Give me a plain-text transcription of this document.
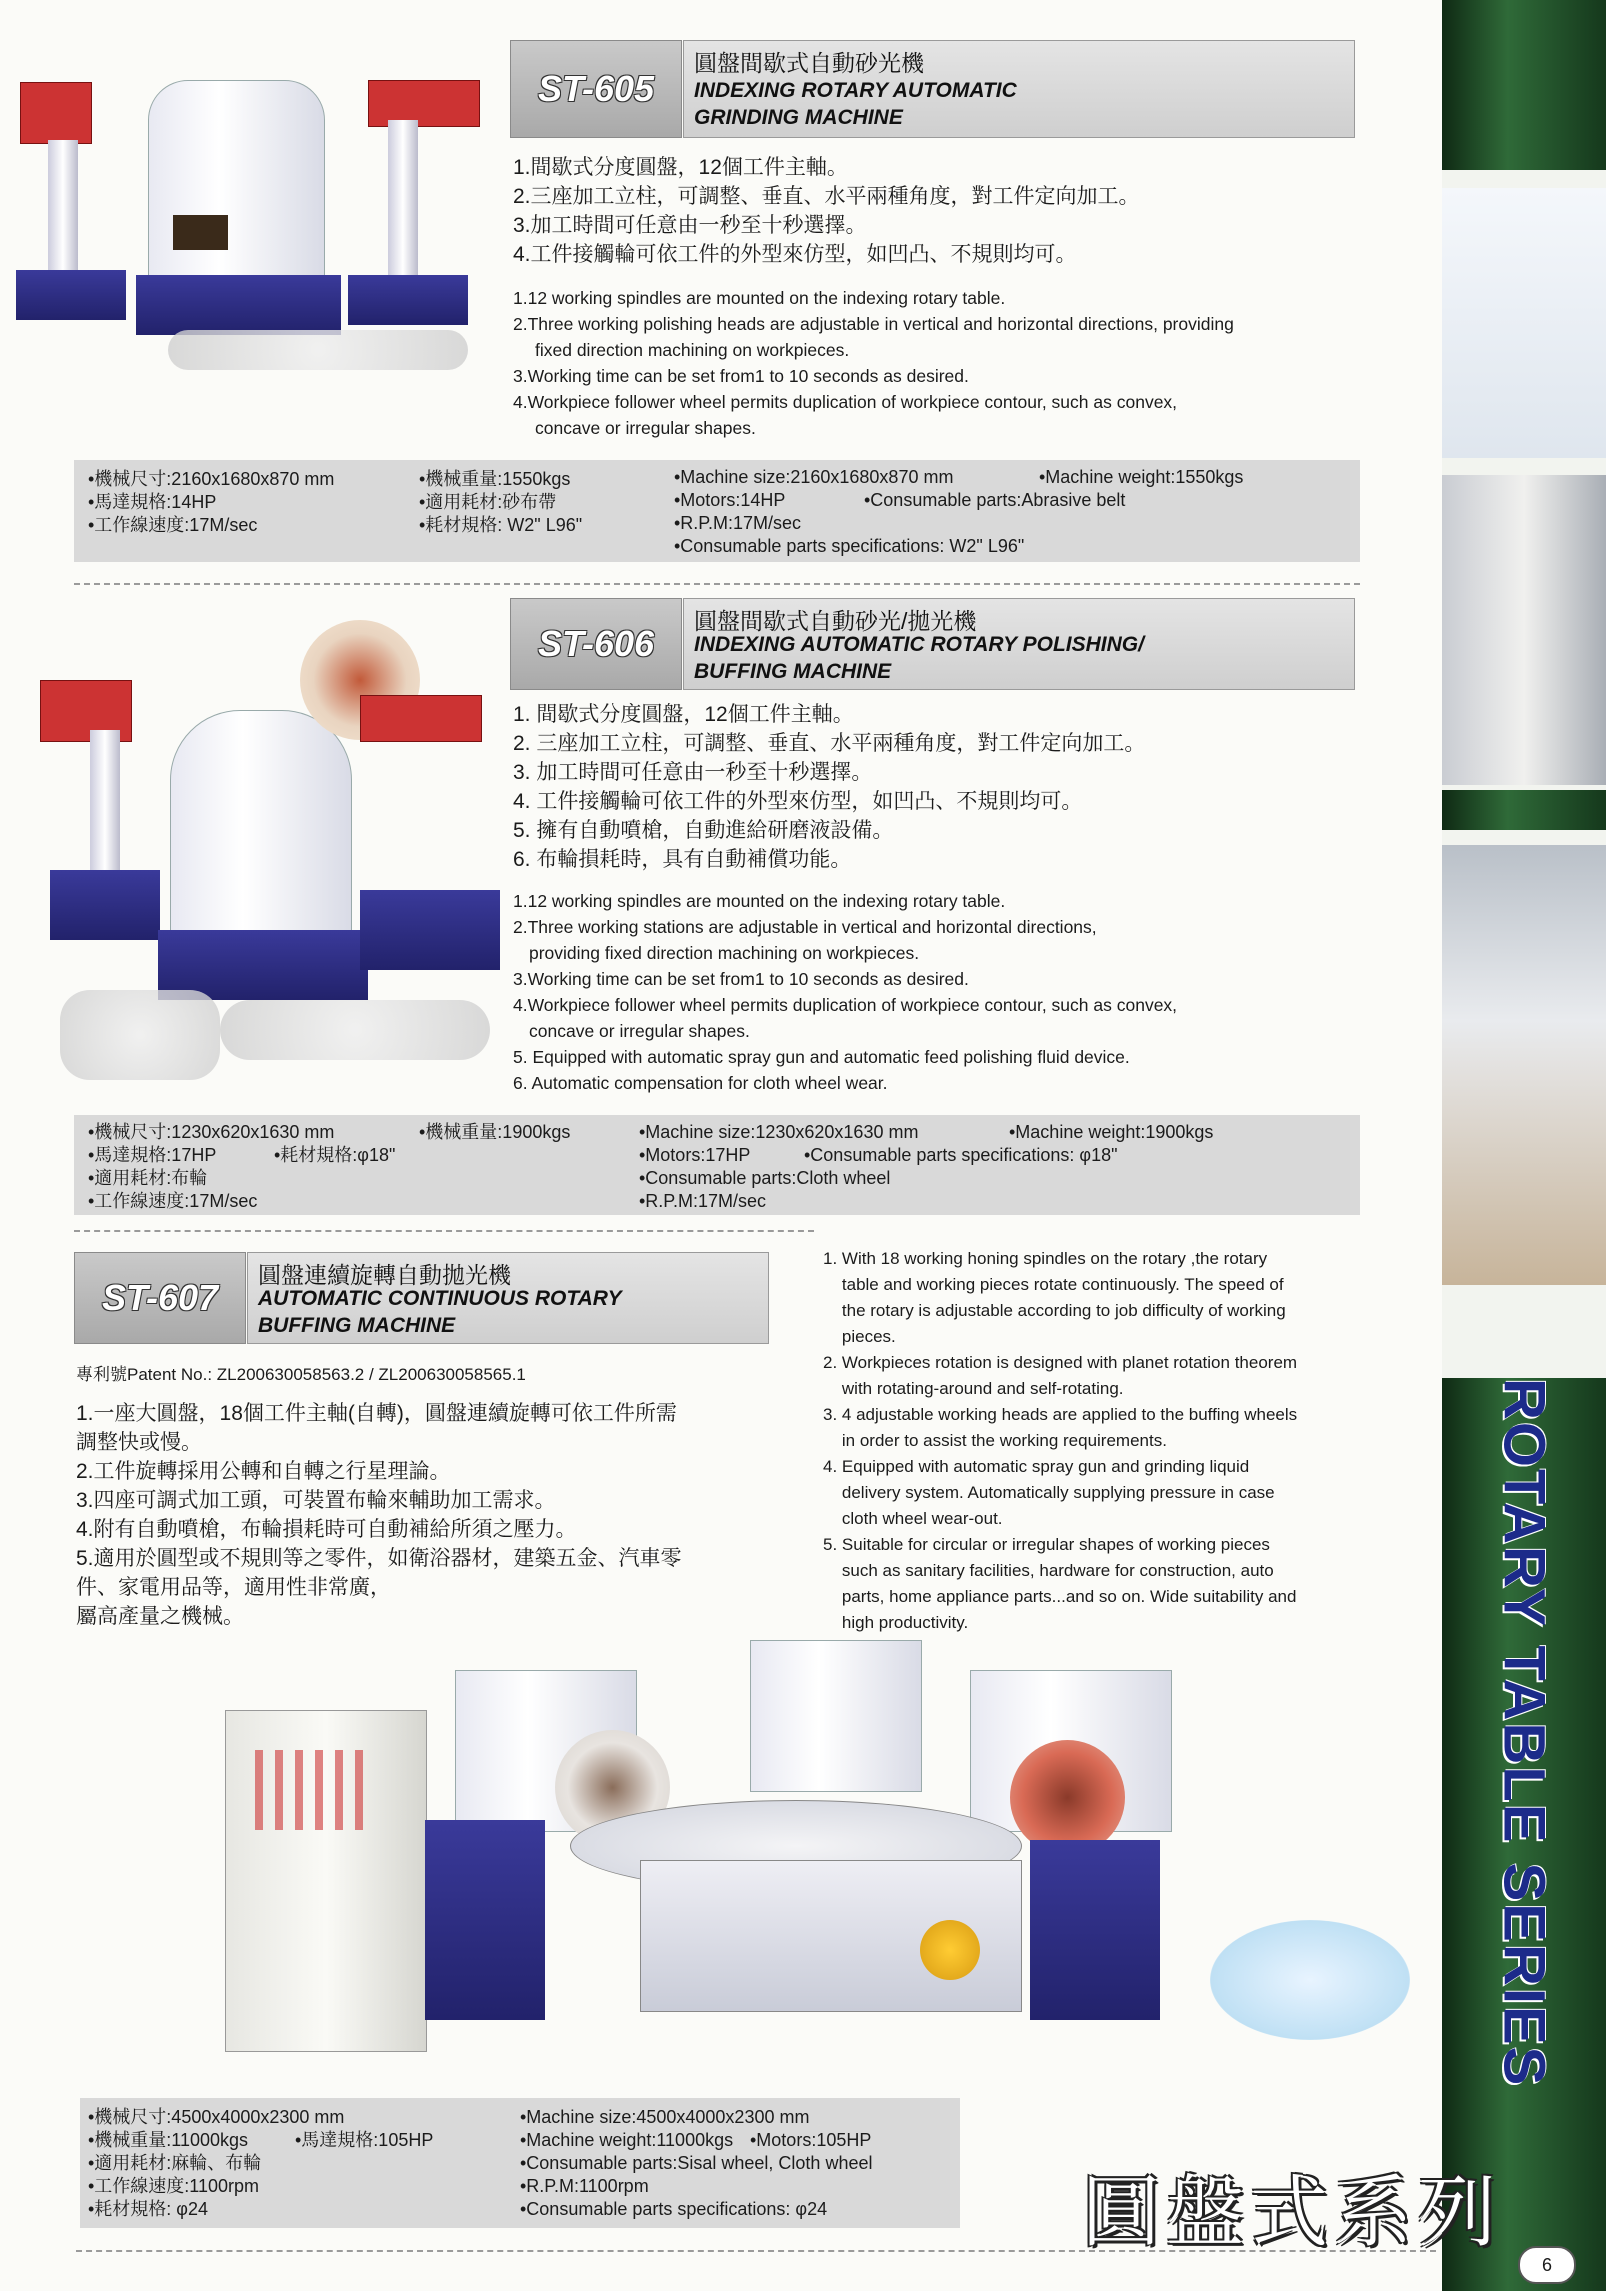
ST-605
圓盤間歇式自動砂光機
INDEXING ROTARY AUTOMATIC
GRINDING MACHINE
1.間歇式分度圓盤，12個工件主軸。
2.三座加工立柱，可調整、垂直、水平兩種角度，對工件定向加工。
3.加工時間可任意由一秒至十秒選擇。
4.工件接觸輪可依工件的外型來仿型，如凹凸、不規則均可。
1.12 working spindles are mounted on the indexing rotary table.
2.Three working polishing heads are adjustable in vertical and horizontal directions, providing
fixed direction machining on workpieces.
3.Working time can be set from1 to 10 seconds as desired.
4.Workpiece follower wheel permits duplication of workpiece contour, such as convex,
concave or irregular shapes.
•機械尺寸:2160x1680x870 mm	•機械重量:1550kgs
•馬達規格:14HP	•適用耗材:砂布帶
•工作線速度:17M/sec	•耗材規格: W2" L96"
•Machine size:2160x1680x870 mm	•Machine weight:1550kgs
•Motors:14HP	•Consumable parts:Abrasive belt
•R.P.M:17M/sec
•Consumable parts specifications: W2" L96"
ST-606
圓盤間歇式自動砂光/拋光機
INDEXING AUTOMATIC ROTARY POLISHING/
BUFFING MACHINE
1. 間歇式分度圓盤，12個工件主軸。
2. 三座加工立柱，可調整、垂直、水平兩種角度，對工件定向加工。
3. 加工時間可任意由一秒至十秒選擇。
4. 工件接觸輪可依工件的外型來仿型，如凹凸、不規則均可。
5. 擁有自動噴槍，自動進給研磨液設備。
6. 布輪損耗時，具有自動補償功能。
1.12 working spindles are mounted on the indexing rotary table.
2.Three working stations are adjustable in vertical and horizontal directions,
providing fixed direction machining on workpieces.
3.Working time can be set from1 to 10 seconds as desired.
4.Workpiece follower wheel permits duplication of workpiece contour, such as convex,
concave or irregular shapes.
5. Equipped with automatic spray gun and automatic feed polishing fluid device.
6. Automatic compensation for cloth wheel wear.
•機械尺寸:1230x620x1630 mm	•機械重量:1900kgs
•馬達規格:17HP	•耗材規格:φ18"
•適用耗材:布輪
•工作線速度:17M/sec
•Machine size:1230x620x1630 mm	•Machine weight:1900kgs
•Motors:17HP	•Consumable parts specifications: φ18"
•Consumable parts:Cloth wheel
•R.P.M:17M/sec
ST-607
圓盤連續旋轉自動拋光機
AUTOMATIC CONTINUOUS ROTARY
BUFFING MACHINE
專利號Patent No.: ZL200630058563.2 / ZL200630058565.1
1.一座大圓盤，18個工件主軸(自轉)，圓盤連續旋轉可依工件所需
調整快或慢。
2.工件旋轉採用公轉和自轉之行星理論。
3.四座可調式加工頭，可裝置布輪來輔助加工需求。
4.附有自動噴槍，布輪損耗時可自動補給所須之壓力。
5.適用於圓型或不規則等之零件，如衛浴器材，建築五金、汽車零
件、家電用品等，適用性非常廣，
屬高產量之機械。
1. With 18 working honing spindles on the rotary ,the rotary
table and working pieces rotate continuously. The speed of
the rotary is adjustable according to job difficulty of working
pieces.
2. Workpieces rotation is designed with planet rotation theorem
with rotating-around and self-rotating.
3. 4 adjustable working heads are applied to the buffing wheels
in order to assist the working requirements.
4. Equipped with automatic spray gun and grinding liquid
delivery system. Automatically supplying pressure in case
cloth wheel wear-out.
5. Suitable for circular or irregular shapes of working pieces
such as sanitary facilities, hardware for construction, auto
parts, home appliance parts...and so on. Wide suitability and
high productivity.
•機械尺寸:4500x4000x2300 mm
•機械重量:11000kgs	•馬達規格:105HP
•適用耗材:麻輪、布輪
•工作線速度:1100rpm
•耗材規格: φ24
•Machine size:4500x4000x2300 mm
•Machine weight:11000kgs •Motors:105HP
•Consumable parts:Sisal wheel, Cloth wheel
•R.P.M:1100rpm
•Consumable parts specifications: φ24
ROTARY TABLE SERIES
圓盤式系列
6
